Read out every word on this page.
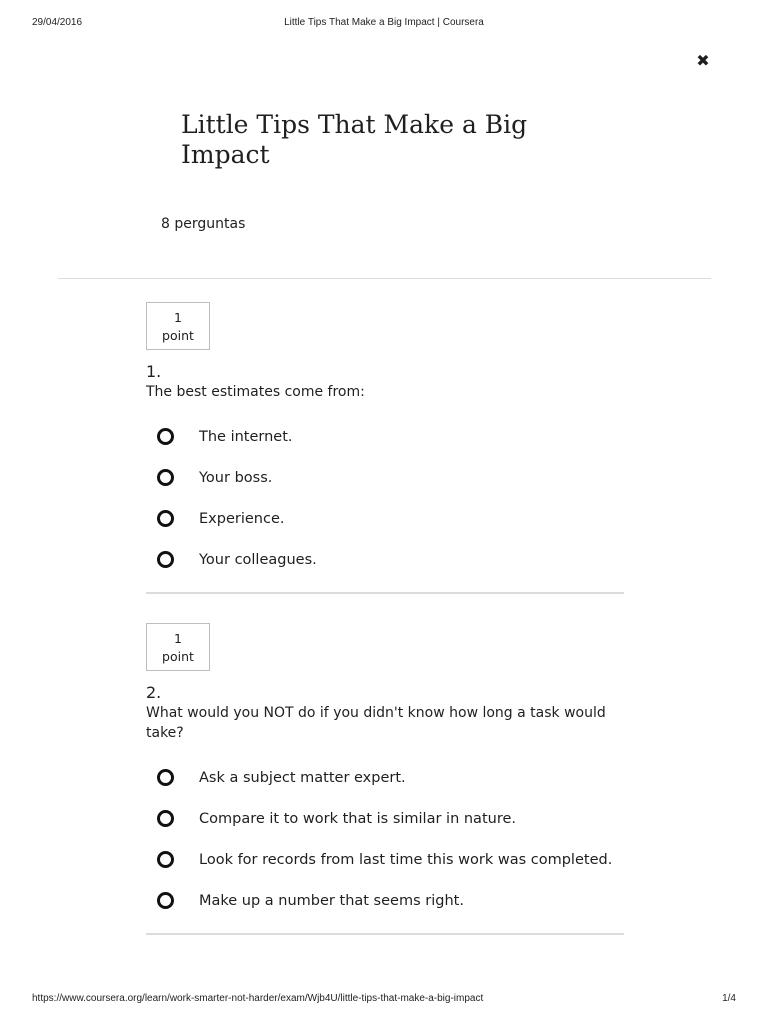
29/04/2016	Little Tips That Make a Big Impact | Coursera
✖
Little Tips That Make a Big Impact
8 perguntas
1
point
1.
The best estimates come from:
The internet.
Your boss.
Experience.
Your colleagues.
1
point
2.
What would you NOT do if you didn't know how long a task would take?
Ask a subject matter expert.
Compare it to work that is similar in nature.
Look for records from last time this work was completed.
Make up a number that seems right.
https://www.coursera.org/learn/work-smarter-not-harder/exam/Wjb4U/little-tips-that-make-a-big-impact	1/4
